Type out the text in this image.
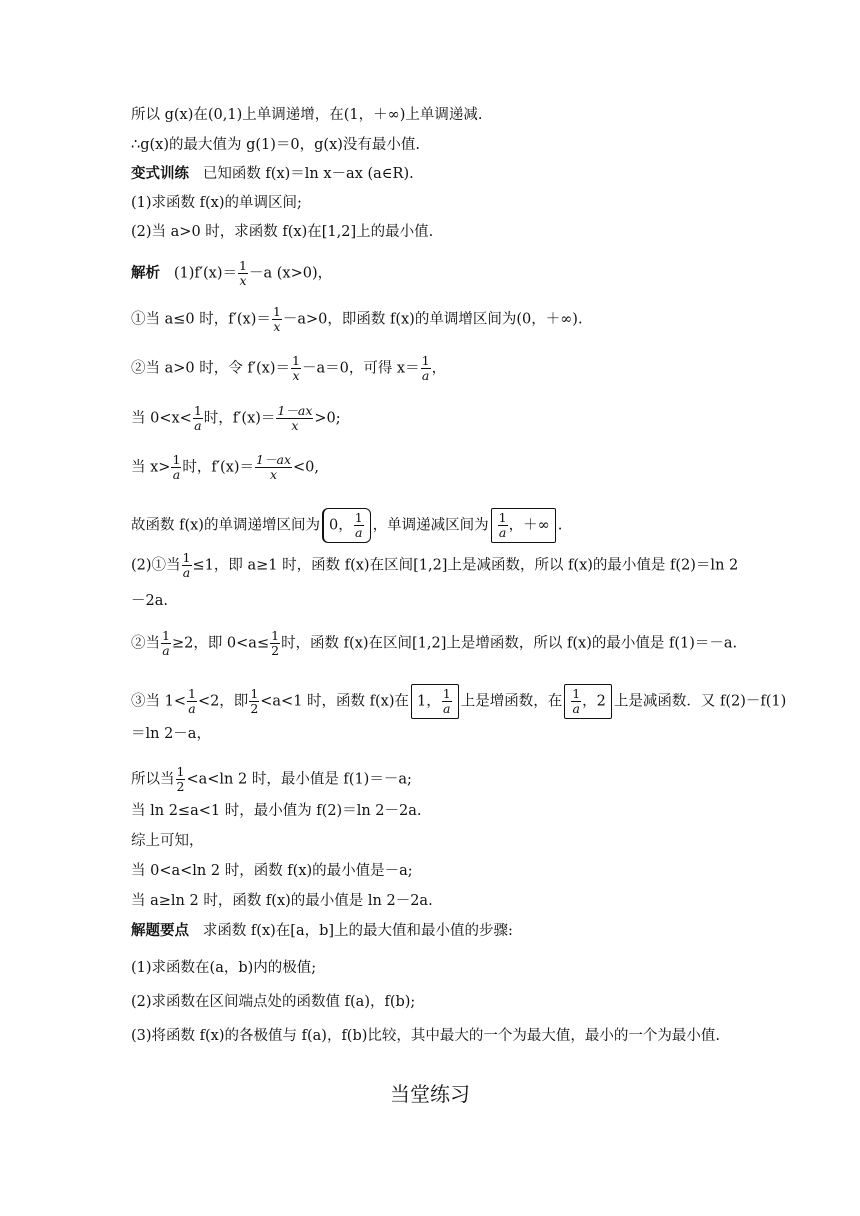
所以 g(x)在(0,1)上单调递增，在(1，＋∞)上单调递减.
∴g(x)的最大值为 g(1)＝0，g(x)没有最小值.
变式训练 已知函数 f(x)＝ln x－ax (a∈R).
(1)求函数 f(x)的单调区间;
(2)当 a>0 时，求函数 f(x)在[1,2]上的最小值.
解析 $(1)f'(x)= \frac{1}{x} -a$ (x>0)，
①当 a≤0 时，$f'(x)= \frac{1}{x} -a>0$，即函数 f(x)的单调增区间为(0，＋∞).
②当 a>0 时，令 $f'(x)= \frac{1}{x} -a=0$，可得 $x= \frac{1}{a}$ ，
当 $0<x< \frac{1}{a}$ 时，$f'(x)= \frac{1-ax}{x} >0$;
当 $x> \frac{1}{a}$ 时，$f'(x)= \frac{1-ax}{x} <0$,
故函数 f(x)的单调递增区间为 0， $\frac{1}{a}$ ，单调递减区间为 $\frac{1}{a}$ ，＋∞ .
(2)①当 $\frac{1}{a} \le 1$，即 a≥1 时，函数 f(x)在区间[1,2]上是减函数，所以 f(x)的最小值是 f(2)＝ln 2
－2a.
②当 $\frac{1}{a} \ge 2$，即 $0<a\le \frac{1}{2}$ 时，函数 f(x)在区间[1,2]上是增函数，所以 f(x)的最小值是 f(1)＝－a.
③当 $1< \frac{1}{a} <2$，即 $\frac{1}{2} <a<1$ 时，函数 f(x)在 1， $\frac{1}{a}$ 上是增函数，在 $\frac{1}{a}$ ，2 上是减函数．又 f(2)－f(1)
＝ln 2－a，
所以当 $\frac{1}{2} <a<\ln$ 2 时，最小值是 f(1)＝－a;
当 ln 2≤a<1 时，最小值为 f(2)＝ln 2－2a.
综上可知，
当 0<a<ln 2 时，函数 f(x)的最小值是－a;
当 a≥ln 2 时，函数 f(x)的最小值是 ln 2－2a.
解题要点 求函数 f(x)在[a，b]上的最大值和最小值的步骤:
(1)求函数在(a，b)内的极值;
(2)求函数在区间端点处的函数值 f(a)，f(b);
(3)将函数 f(x)的各极值与 f(a)，f(b)比较，其中最大的一个为最大值，最小的一个为最小值.
当堂练习
